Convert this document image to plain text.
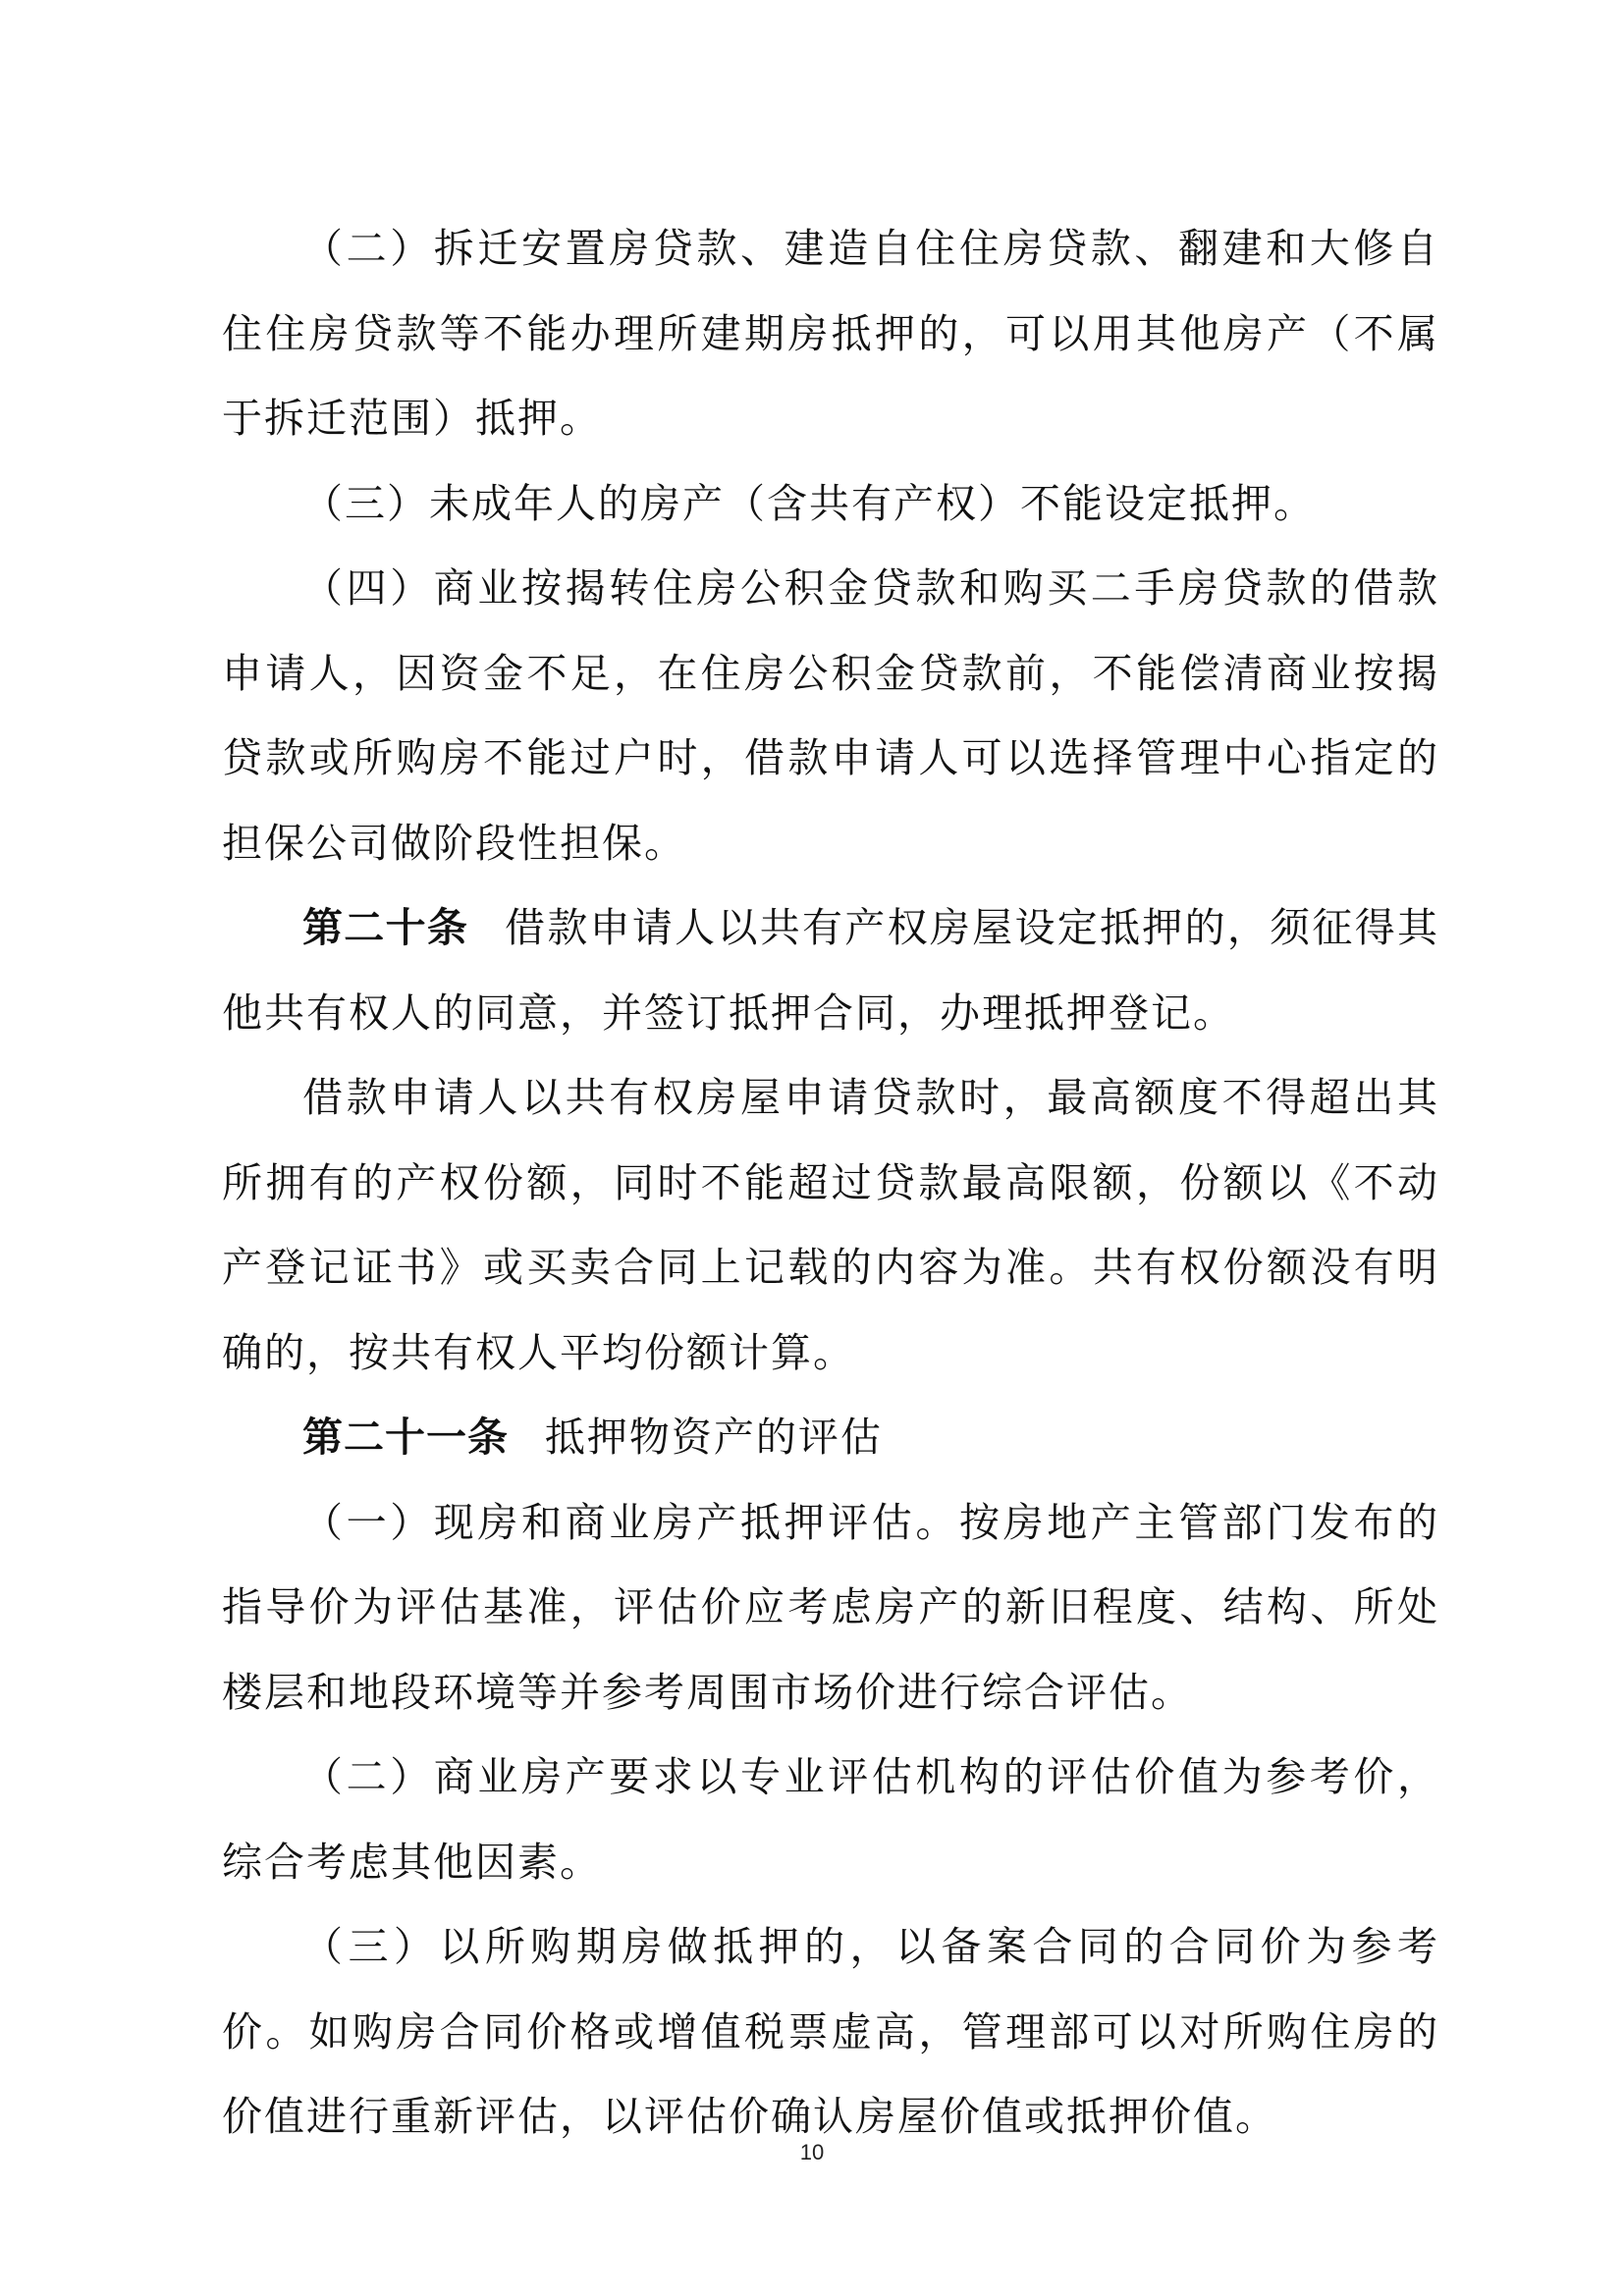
（二）拆迁安置房贷款、建造自住住房贷款、翻建和大修自住住房贷款等不能办理所建期房抵押的，可以用其他房产（不属于拆迁范围）抵押。

（三）未成年人的房产（含共有产权）不能设定抵押。

（四）商业按揭转住房公积金贷款和购买二手房贷款的借款申请人，因资金不足，在住房公积金贷款前，不能偿清商业按揭贷款或所购房不能过户时，借款申请人可以选择管理中心指定的担保公司做阶段性担保。

第二十条 借款申请人以共有产权房屋设定抵押的，须征得其他共有权人的同意，并签订抵押合同，办理抵押登记。

借款申请人以共有权房屋申请贷款时，最高额度不得超出其所拥有的产权份额，同时不能超过贷款最高限额，份额以《不动产登记证书》或买卖合同上记载的内容为准。共有权份额没有明确的，按共有权人平均份额计算。

第二十一条 抵押物资产的评估

（一）现房和商业房产抵押评估。按房地产主管部门发布的指导价为评估基准，评估价应考虑房产的新旧程度、结构、所处楼层和地段环境等并参考周围市场价进行综合评估。

（二）商业房产要求以专业评估机构的评估价值为参考价，综合考虑其他因素。

（三）以所购期房做抵押的，以备案合同的合同价为参考价。如购房合同价格或增值税票虚高，管理部可以对所购住房的价值进行重新评估，以评估价确认房屋价值或抵押价值。

10
